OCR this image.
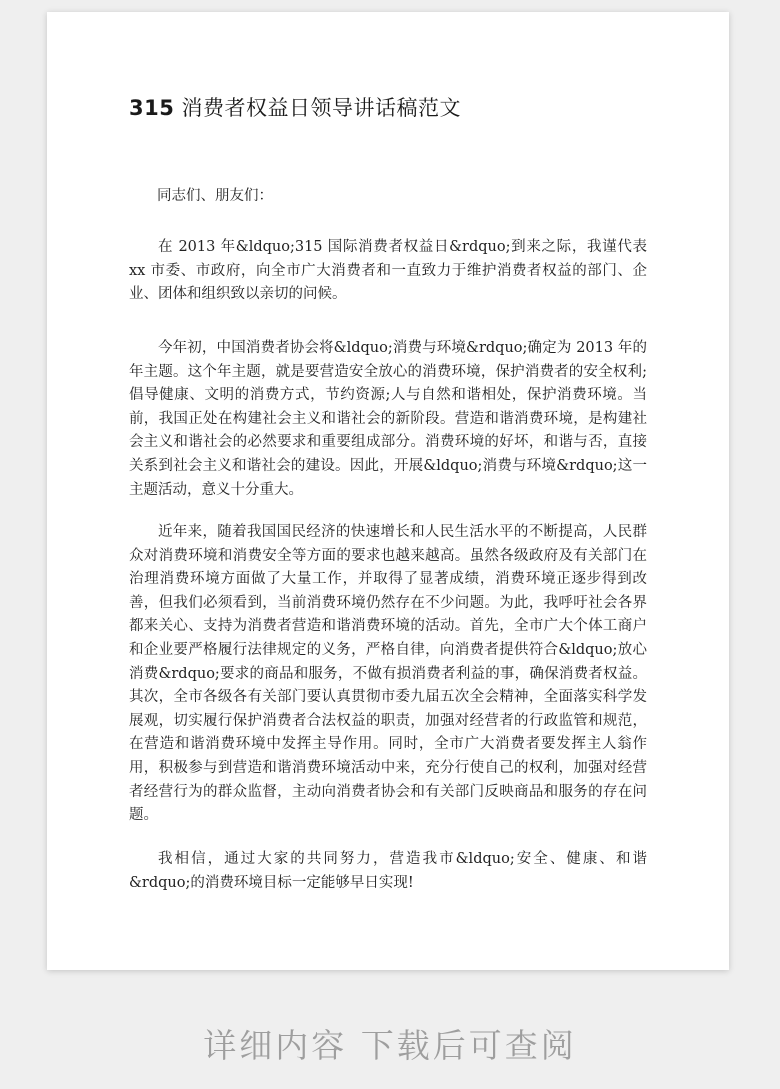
315 消费者权益日领导讲话稿范文
同志们、朋友们：

在 2013 年&ldquo;315 国际消费者权益日&rdquo;到来之际，我谨代表 xx 市委、市政府，向全市广大消费者和一直致力于维护消费者权益的部门、企业、团体和组织致以亲切的问候。

今年初，中国消费者协会将&ldquo;消费与环境&rdquo;确定为 2013 年的年主题。这个年主题，就是要营造安全放心的消费环境，保护消费者的安全权利;倡导健康、文明的消费方式，节约资源;人与自然和谐相处，保护消费环境。当前，我国正处在构建社会主义和谐社会的新阶段。营造和谐消费环境，是构建社会主义和谐社会的必然要求和重要组成部分。消费环境的好坏，和谐与否，直接关系到社会主义和谐社会的建设。因此，开展&ldquo;消费与环境&rdquo;这一主题活动，意义十分重大。

近年来，随着我国国民经济的快速增长和人民生活水平的不断提高，人民群众对消费环境和消费安全等方面的要求也越来越高。虽然各级政府及有关部门在治理消费环境方面做了大量工作，并取得了显著成绩，消费环境正逐步得到改善，但我们必须看到，当前消费环境仍然存在不少问题。为此，我呼吁社会各界都来关心、支持为消费者营造和谐消费环境的活动。首先，全市广大个体工商户和企业要严格履行法律规定的义务，严格自律，向消费者提供符合&ldquo;放心消费&rdquo;要求的商品和服务，不做有损消费者利益的事，确保消费者权益。其次，全市各级各有关部门要认真贯彻市委九届五次全会精神，全面落实科学发展观，切实履行保护消费者合法权益的职责，加强对经营者的行政监管和规范，在营造和谐消费环境中发挥主导作用。同时，全市广大消费者要发挥主人翁作用，积极参与到营造和谐消费环境活动中来，充分行使自己的权利，加强对经营者经营行为的群众监督，主动向消费者协会和有关部门反映商品和服务的存在问题。

我相信，通过大家的共同努力，营造我市&ldquo;安全、健康、和谐&rdquo;的消费环境目标一定能够早日实现!

详细内容 下载后可查阅
